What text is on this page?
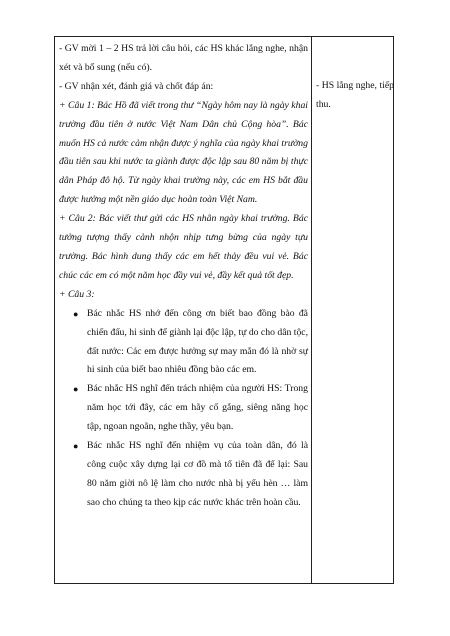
- GV mời 1 – 2 HS trả lời câu hỏi, các HS khác lắng nghe, nhận xét và bổ sung (nếu có).

- GV nhận xét, đánh giá và chốt đáp án:

+ Câu 1: Bác Hồ đã viết trong thư “Ngày hôm nay là ngày khai trường đầu tiên ở nước Việt Nam Dân chủ Cộng hòa”. Bác muốn HS cả nước cảm nhận được ý nghĩa của ngày khai trường đầu tiên sau khi nước ta giành được độc lập sau 80 năm bị thực dân Pháp đô hộ. Từ ngày khai trường này, các em HS bắt đầu được hưởng một nền giáo dục hoàn toàn Việt Nam.

+ Câu 2: Bác viết thư gửi các HS nhân ngày khai trường. Bác tưởng tượng thấy cảnh nhộn nhịp tưng bừng của ngày tựu trường. Bác hình dung thấy các em hết thảy đều vui vẻ. Bác chúc các em có một năm học đầy vui vẻ, đầy kết quả tốt đẹp.

+ Câu 3:

● Bác nhắc HS nhớ đến công ơn biết bao đồng bào đã chiến đấu, hi sinh để giành lại độc lập, tự do cho dân tộc, đất nước: Các em được hưởng sự may mắn đó là nhờ sự hi sinh của biết bao nhiêu đồng bào các em.

● Bác nhắc HS nghĩ đến trách nhiệm của người HS: Trong năm học tới đây, các em hãy cố gắng, siêng năng học tập, ngoan ngoãn, nghe thầy, yêu bạn.

● Bác nhắc HS nghĩ đến nhiệm vụ của toàn dân, đó là công cuộc xây dựng lại cơ đồ mà tổ tiên đã để lại: Sau 80 năm giời nô lệ làm cho nước nhà bị yếu hèn … làm sao cho chúng ta theo kịp các nước khác trên hoàn cầu.

- HS lắng nghe, tiếp thu.
